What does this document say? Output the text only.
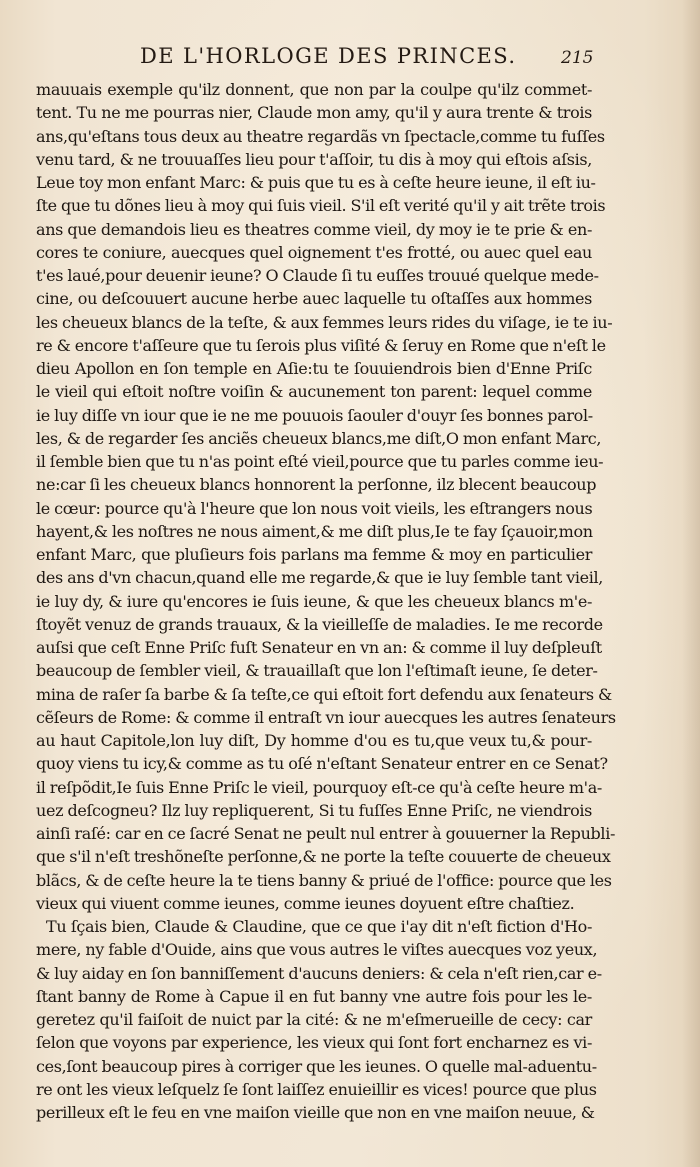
DE L'HORLOGE DES PRINCES.	215
mauuais exemple qu'ilz donnent, que non par la coulpe qu'ilz commet-
tent. Tu ne me pourras nier, Claude mon amy, qu'il y aura trente & trois
ans,qu'eſtans tous deux au theatre regardãs vn ſpectacle,comme tu fuſſes
venu tard, & ne trouuaſſes lieu pour t'aſſoir, tu dis à moy qui eſtois aſsis,
Leue toy mon enfant Marc: & puis que tu es à ceſte heure ieune, il eſt iu-
ſte que tu dõnes lieu à moy qui ſuis vieil. S'il eſt verité qu'il y ait trẽte trois
ans que demandois lieu es theatres comme vieil, dy moy ie te prie & en-
cores te coniure, auecques quel oignement t'es frotté, ou auec quel eau
t'es laué,pour deuenir ieune? O Claude ſi tu euſſes trouué quelque mede-
cine, ou deſcouuert aucune herbe auec laquelle tu oſtaſſes aux hommes
les cheueux blancs de la teſte, & aux femmes leurs rides du viſage, ie te iu-
re & encore t'aſſeure que tu ſerois plus viſité & ſeruy en Rome que n'eſt le
dieu Apollon en ſon temple en Aſie:tu te ſouuiendrois bien d'Enne Priſc
le vieil qui eſtoit noſtre voiſin & aucunement ton parent: lequel comme
ie luy diſſe vn iour que ie ne me pouuois ſaouler d'ouyr ſes bonnes parol-
les, & de regarder ſes anciẽs cheueux blancs,me diſt,O mon enfant Marc,
il ſemble bien que tu n'as point eſté vieil,pource que tu parles comme ieu-
ne:car ſi les cheueux blancs honnorent la perſonne, ilz blecent beaucoup
le cœur: pource qu'à l'heure que lon nous voit vieils, les eſtrangers nous
hayent,& les noſtres ne nous aiment,& me diſt plus,Ie te fay ſçauoir,mon
enfant Marc, que pluſieurs fois parlans ma femme & moy en particulier
des ans d'vn chacun,quand elle me regarde,& que ie luy ſemble tant vieil,
ie luy dy, & iure qu'encores ie ſuis ieune, & que les cheueux blancs m'e-
ſtoyẽt venuz de grands trauaux, & la vieilleſſe de maladies. Ie me recorde
auſsi que ceſt Enne Priſc fuſt Senateur en vn an: & comme il luy deſpleuſt
beaucoup de ſembler vieil, & trauaillaſt que lon l'eſtimaſt ieune, ſe deter-
mina de raſer ſa barbe & ſa teſte,ce qui eſtoit fort defendu aux ſenateurs &
cẽſeurs de Rome: & comme il entraſt vn iour auecques les autres ſenateurs
au haut Capitole,lon luy diſt, Dy homme d'ou es tu,que veux tu,& pour-
quoy viens tu icy,& comme as tu oſé n'eſtant Senateur entrer en ce Senat?
il reſpõdit,Ie ſuis Enne Priſc le vieil, pourquoy eſt-ce qu'à ceſte heure m'a-
uez deſcogneu? Ilz luy repliquerent, Si tu fuſſes Enne Priſc, ne viendrois
ainſi raſé: car en ce ſacré Senat ne peult nul entrer à gouuerner la Republi-
que s'il n'eſt treshõneſte perſonne,& ne porte la teſte couuerte de cheueux
blãcs, & de ceſte heure la te tiens banny & priué de l'office: pource que les
vieux qui viuent comme ieunes, comme ieunes doyuent eſtre chaſtiez.
Tu ſçais bien, Claude & Claudine, que ce que i'ay dit n'eſt fiction d'Ho-
mere, ny fable d'Ouide, ains que vous autres le viſtes auecques voz yeux,
& luy aiday en ſon banniſſement d'aucuns deniers: & cela n'eſt rien,car e-
ſtant banny de Rome à Capue il en fut banny vne autre fois pour les le-
geretez qu'il faiſoit de nuict par la cité: & ne m'eſmerueille de cecy: car
ſelon que voyons par experience, les vieux qui ſont fort encharnez es vi-
ces,ſont beaucoup pires à corriger que les ieunes. O quelle mal-aduentu-
re ont les vieux leſquelz ſe ſont laiſſez enuieillir es vices! pource que plus
perilleux eſt le feu en vne maiſon vieille que non en vne maiſon neuue, &
